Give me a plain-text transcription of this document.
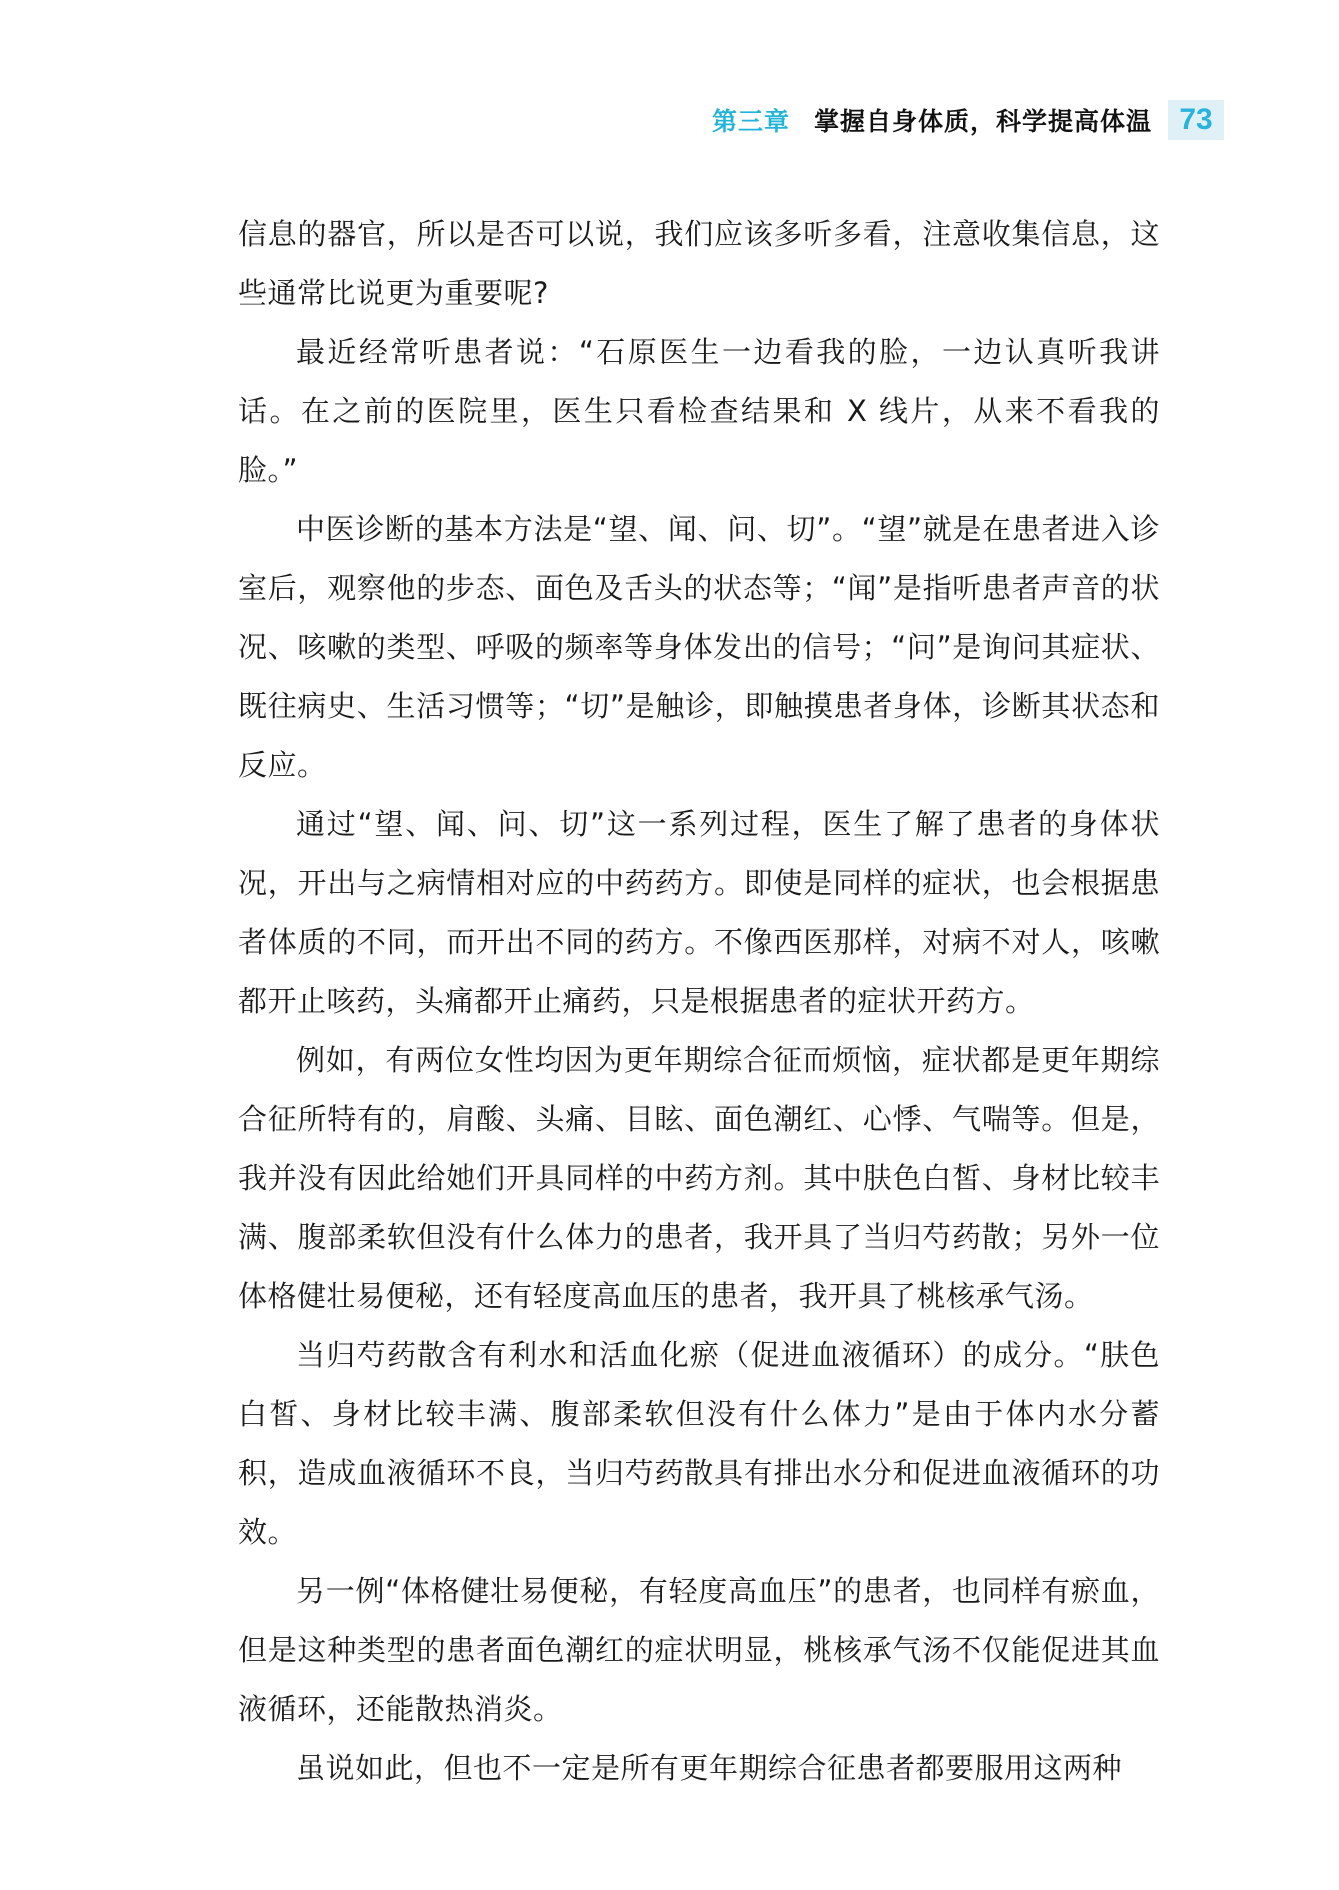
第三章 掌握自身体质，科学提高体温 73

信息的器官，所以是否可以说，我们应该多听多看，注意收集信息，这些通常比说更为重要呢?

最近经常听患者说：“石原医生一边看我的脸，一边认真听我讲话。在之前的医院里，医生只看检查结果和 X 线片，从来不看我的脸。”

中医诊断的基本方法是“望、闻、问、切”。“望”就是在患者进入诊室后，观察他的步态、面色及舌头的状态等；“闻”是指听患者声音的状况、咳嗽的类型、呼吸的频率等身体发出的信号；“问”是询问其症状、既往病史、生活习惯等；“切”是触诊，即触摸患者身体，诊断其状态和反应。

通过“望、闻、问、切”这一系列过程，医生了解了患者的身体状况，开出与之病情相对应的中药药方。即使是同样的症状，也会根据患者体质的不同，而开出不同的药方。不像西医那样，对病不对人，咳嗽都开止咳药，头痛都开止痛药，只是根据患者的症状开药方。

例如，有两位女性均因为更年期综合征而烦恼，症状都是更年期综合征所特有的，肩酸、头痛、目眩、面色潮红、心悸、气喘等。但是，我并没有因此给她们开具同样的中药方剂。其中肤色白皙、身材比较丰满、腹部柔软但没有什么体力的患者，我开具了当归芍药散；另外一位体格健壮易便秘，还有轻度高血压的患者，我开具了桃核承气汤。

当归芍药散含有利水和活血化瘀（促进血液循环）的成分。“肤色白皙、身材比较丰满、腹部柔软但没有什么体力”是由于体内水分蓄积，造成血液循环不良，当归芍药散具有排出水分和促进血液循环的功效。

另一例“体格健壮易便秘，有轻度高血压”的患者，也同样有瘀血，但是这种类型的患者面色潮红的症状明显，桃核承气汤不仅能促进其血液循环，还能散热消炎。

虽说如此，但也不一定是所有更年期综合征患者都要服用这两种
